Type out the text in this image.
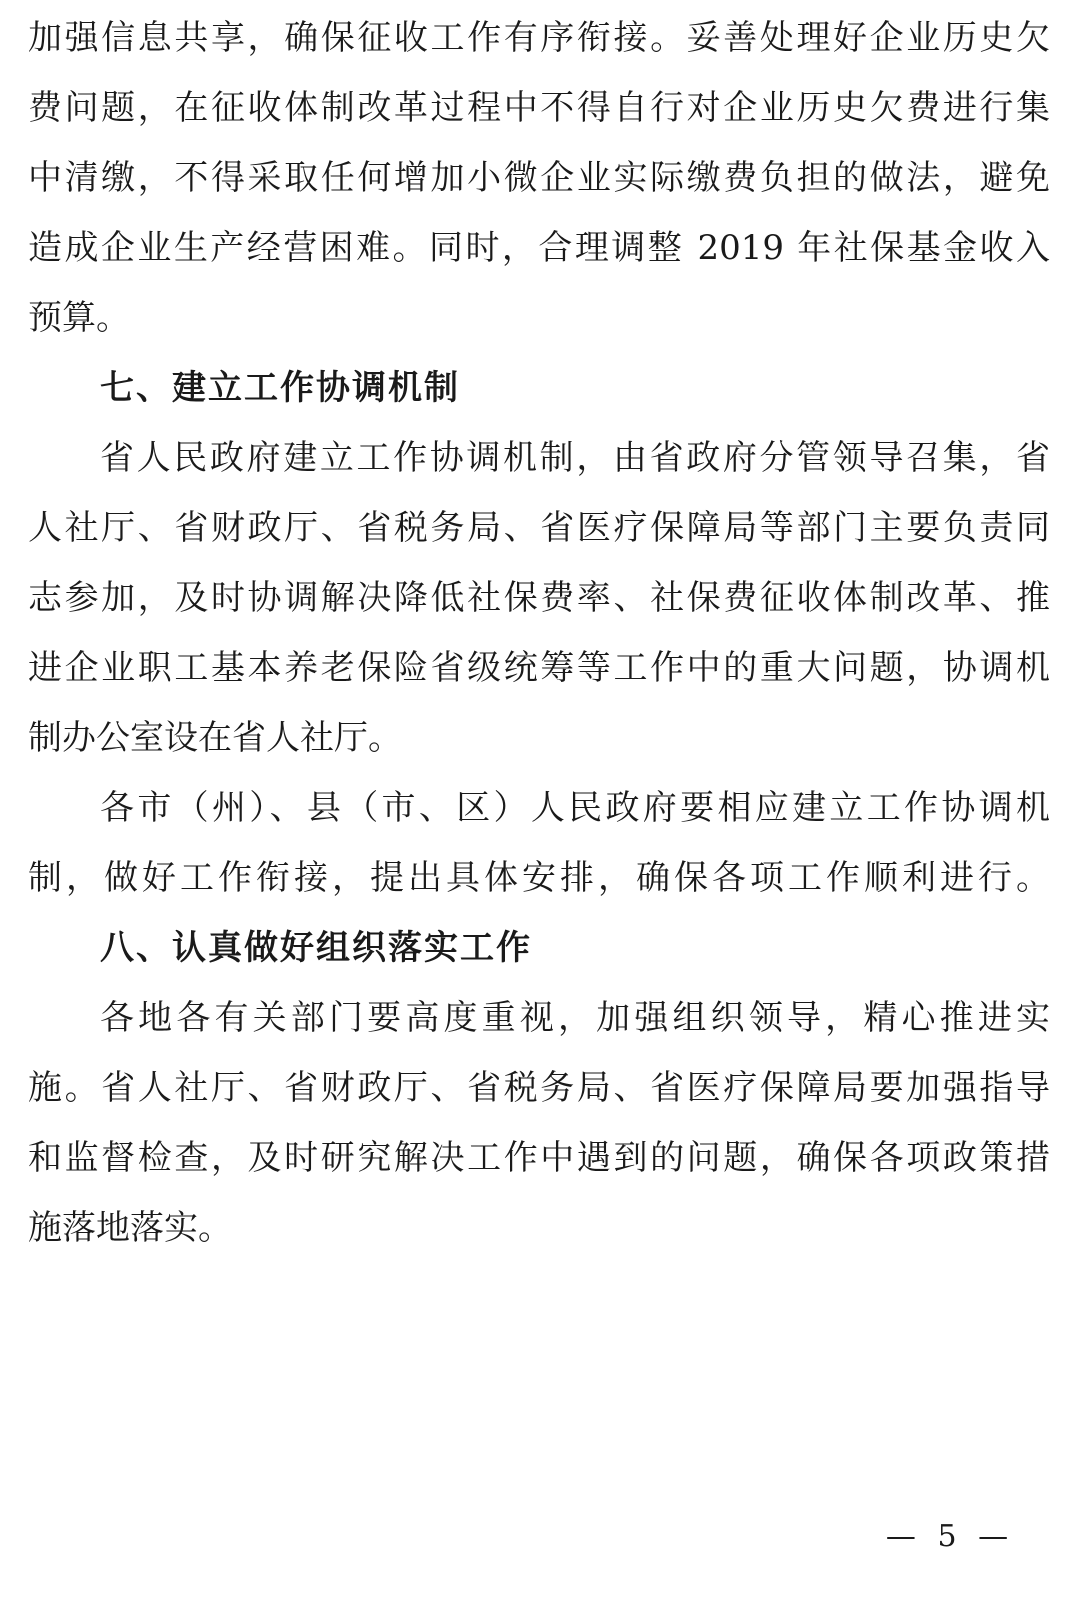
加强信息共享，确保征收工作有序衔接。妥善处理好企业历史欠
费问题，在征收体制改革过程中不得自行对企业历史欠费进行集
中清缴，不得采取任何增加小微企业实际缴费负担的做法，避免
造成企业生产经营困难。同时，合理调整 2019 年社保基金收入
预算。
七、建立工作协调机制
省人民政府建立工作协调机制，由省政府分管领导召集，省
人社厅、省财政厅、省税务局、省医疗保障局等部门主要负责同
志参加，及时协调解决降低社保费率、社保费征收体制改革、推
进企业职工基本养老保险省级统筹等工作中的重大问题，协调机
制办公室设在省人社厅。
各市（州）、县（市、区）人民政府要相应建立工作协调机
制，做好工作衔接，提出具体安排，确保各项工作顺利进行。
八、认真做好组织落实工作
各地各有关部门要高度重视，加强组织领导，精心推进实
施。省人社厅、省财政厅、省税务局、省医疗保障局要加强指导
和监督检查，及时研究解决工作中遇到的问题，确保各项政策措
施落地落实。
— 5 —
